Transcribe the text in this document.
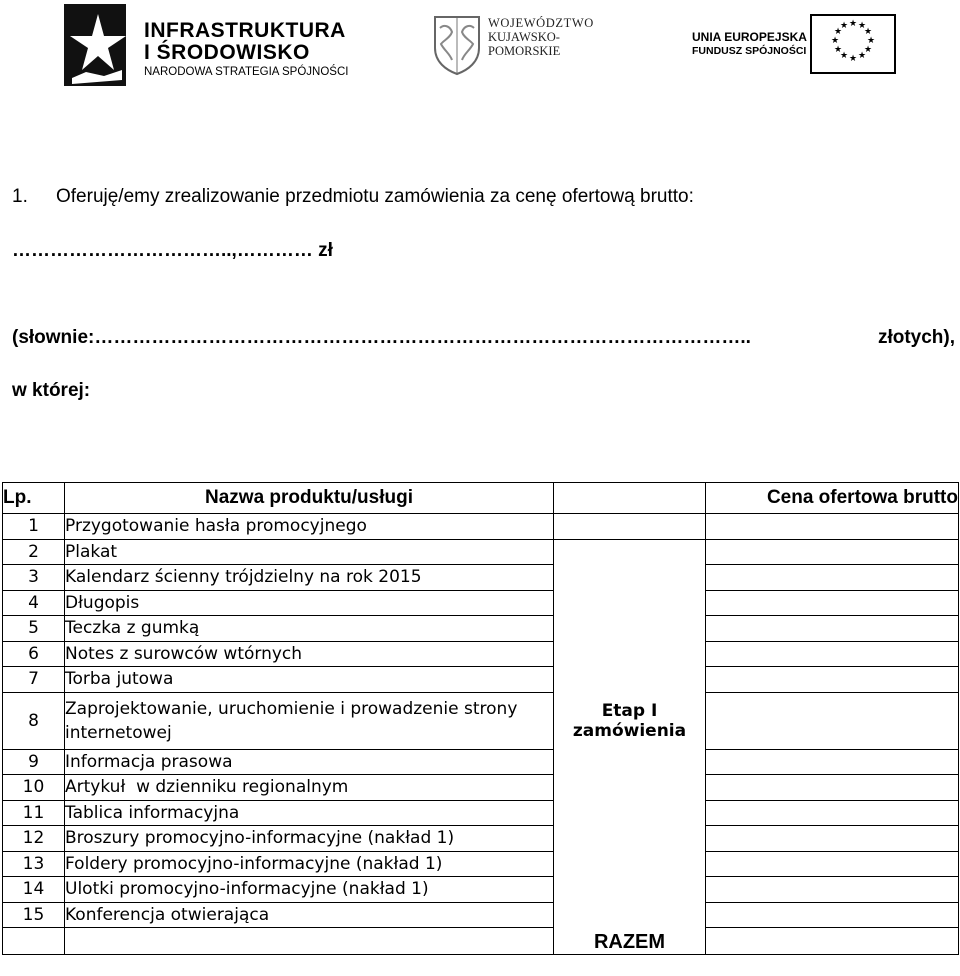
INFRASTRUKTURA
I ŚRODOWISKO
NARODOWA STRATEGIA SPÓJNOŚCI
WOJEWÓDZTWO
KUJAWSKO-POMORSKIE
UNIA EUROPEJSKA
FUNDUSZ SPÓJNOŚCI
★ ★
★
★
★
★
★
★
★
★
★
★
1. Oferuję/emy zrealizowanie przedmiotu zamówienia za cenę ofertową brutto:
……………………………..,………… zł
(słownie:…………………………………………………………………………………………..	złotych),
w której:
Lp.	Nazwa produktu/usługi		Cena ofertowa brutto
1	Przygotowanie hasła promocyjnego		
2	Plakat		
3	Kalendarz ścienny trójdzielny na rok 2015		
4	Długopis		
5	Teczka z gumką		
6	Notes z surowców wtórnych		
7	Torba jutowa		
8	Zaprojektowanie, uruchomienie i prowadzenie strony internetowej	Etap I
zamówienia	

9	Informacja prasowa		
10	Artykuł  w dzienniku regionalnym		
11	Tablica informacyjna		
12	Broszury promocyjno-informacyjne (nakład 1)		
13	Foldery promocyjno-informacyjne (nakład 1)		
14	Ulotki promocyjno-informacyjne (nakład 1)		
15	Konferencja otwierająca		
		RAZEM	
